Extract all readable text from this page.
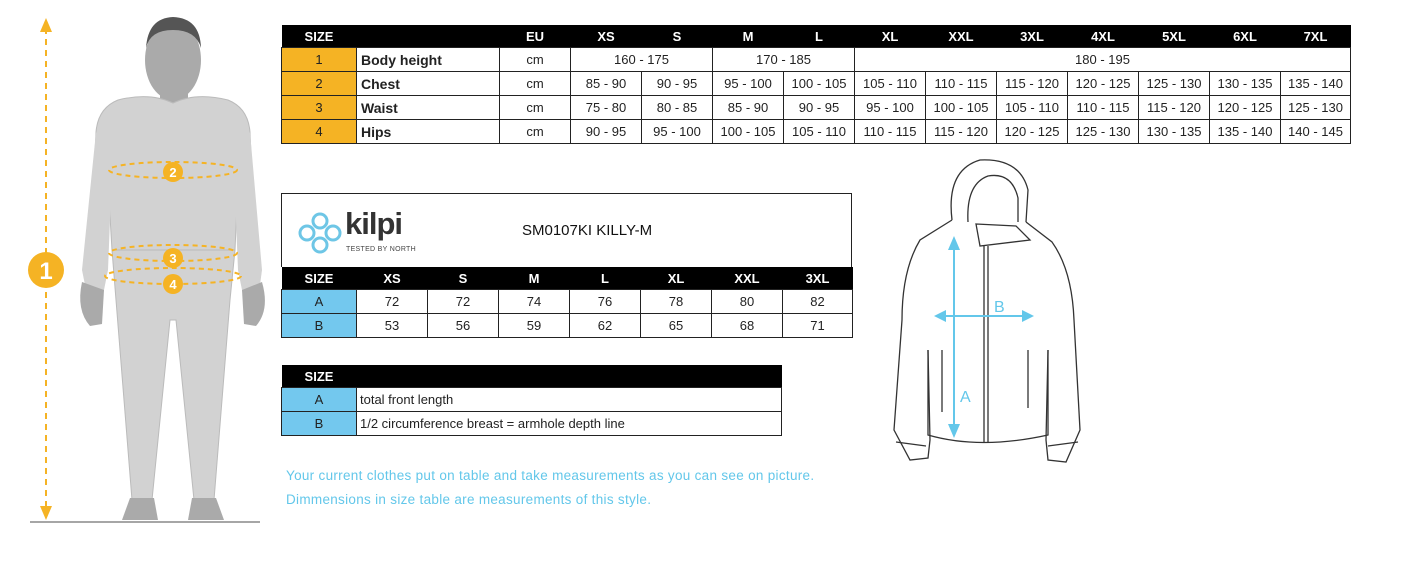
1
2
3
4
SIZE		EU	XS	S	M	L	XL	XXL	3XL	4XL	5XL	6XL	7XL
1	Body height	cm	160 - 175		170 - 185		180 - 195						
2	Chest	cm	85 - 90	90 - 95	95 - 100	100 - 105	105 - 110	110 - 115	115 - 120	120 - 125	125 - 130	130 - 135	135 - 140
3	Waist	cm	75 - 80	80 - 85	85 - 90	90 - 95	95 - 100	100 - 105	105 - 110	110 - 115	115 - 120	120 - 125	125 - 130
4	Hips	cm	90 - 95	95 - 100	100 - 105	105 - 110	110 - 115	115 - 120	120 - 125	125 - 130	130 - 135	135 - 140	140 - 145
kilpi
TESTED BY NORTH
SM0107KI KILLY-M
SIZE	XS	S	M	L	XL	XXL	3XL
A	72	72	74	76	78	80	82
B	53	56	59	62	65	68	71
SIZE	
A	total front length
B	1/2 circumference breast = armhole depth line
Your current clothes put on table and take measurements as you can see on picture.
Dimmensions in size table are measurements of this style.
A
B
